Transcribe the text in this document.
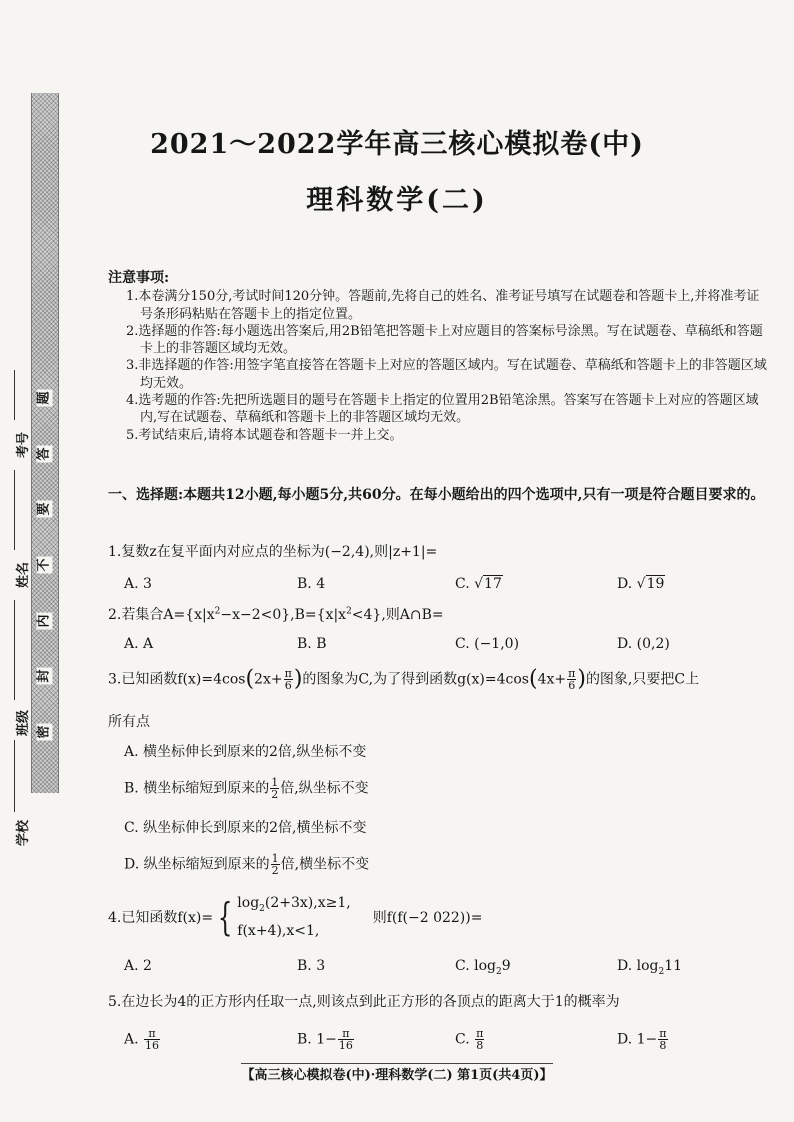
题
答
要
不
内
封
密
学校
班级
姓名
考号
2021～2022学年高三核心模拟卷(中)
理科数学(二)
注意事项:
1.本卷满分150分,考试时间120分钟。答题前,先将自己的姓名、准考证号填写在试题卷和答题卡上,并将准考证号条形码粘贴在答题卡上的指定位置。
2.选择题的作答:每小题选出答案后,用2B铅笔把答题卡上对应题目的答案标号涂黑。写在试题卷、草稿纸和答题卡上的非答题区域均无效。
3.非选择题的作答:用签字笔直接答在答题卡上对应的答题区域内。写在试题卷、草稿纸和答题卡上的非答题区域均无效。
4.选考题的作答:先把所选题目的题号在答题卡上指定的位置用2B铅笔涂黑。答案写在答题卡上对应的答题区域内,写在试题卷、草稿纸和答题卡上的非答题区域均无效。
5.考试结束后,请将本试题卷和答题卡一并上交。
一、选择题:本题共12小题,每小题5分,共60分。在每小题给出的四个选项中,只有一项是符合题目要求的。
1.复数z在复平面内对应点的坐标为(−2,4),则|z+1|=
A. 3	B. 4	C. √17	D. √19
2.若集合$A=\{x|x^2-x-2<0\},B=\{x|x^2<4\}$,则A∩B=
A. A	B. B	C. (−1,0)	D. (0,2)
3.已知函数$f(x)=4\cos(2x+ \frac{\pi}{6}$ )的图象为C,为了得到函数$g(x)=4\cos(4x+ \frac{\pi}{6}$ )的图象,只要把C上
所有点
A. 横坐标伸长到原来的2倍,纵坐标不变
B. 横坐标缩短到原来的 $\frac{1}{2}$ 倍,纵坐标不变
C. 纵坐标伸长到原来的2倍,横坐标不变
D. 纵坐标缩短到原来的 $\frac{1}{2}$ 倍,横坐标不变
4.已知函数f(x)= { $\log_2(2+3x),x\ge 1$,
f(x+4),x<1,
则f(f(−2 022))=
A. 2	B. 3	C. $\log_29$	D. $\log_211$
5.在边长为4的正方形内任取一点,则该点到此正方形的各顶点的距离大于1的概率为
A. $\frac{\pi}{16}$	B. $1- \frac{\pi}{16}$	C. $\frac{\pi}{8}$	D. $1- \frac{\pi}{8}$
【高三核心模拟卷(中)·理科数学(二) 第1页(共4页)】
